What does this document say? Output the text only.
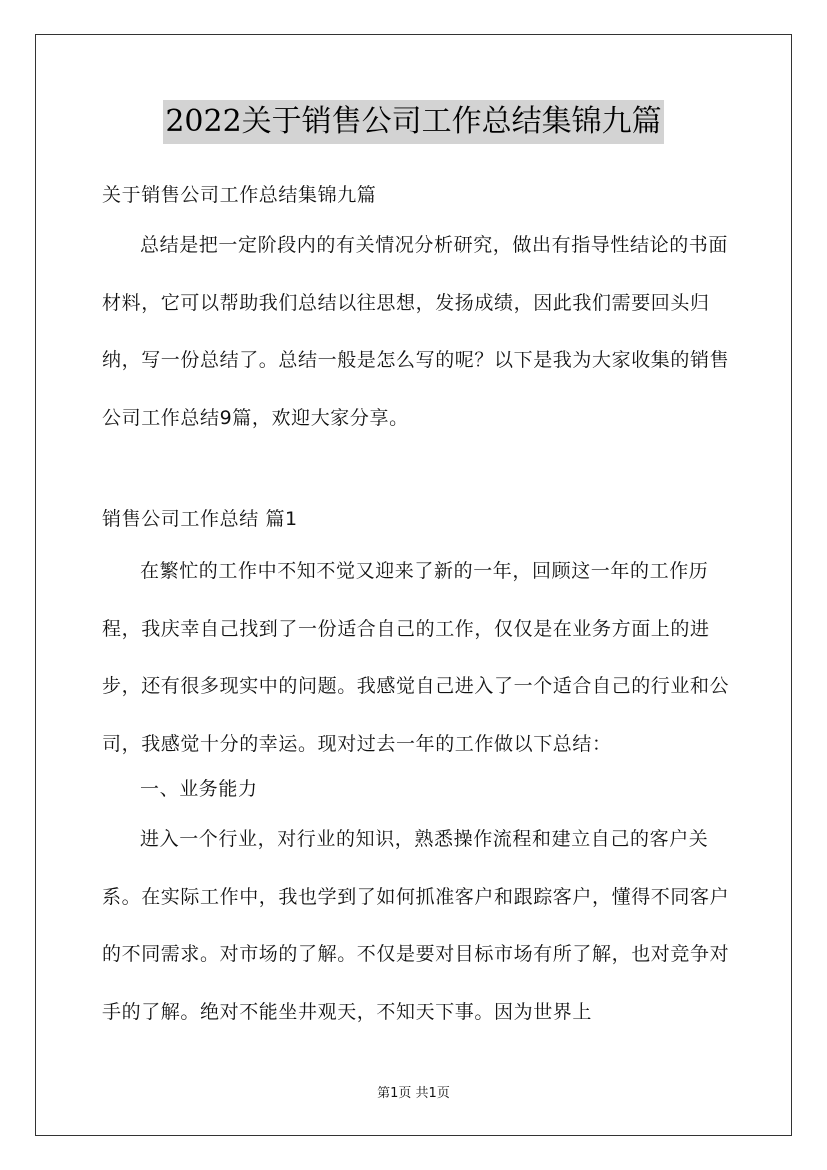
2022关于销售公司工作总结集锦九篇

关于销售公司工作总结集锦九篇

总结是把一定阶段内的有关情况分析研究，做出有指导性结论的书面材料，它可以帮助我们总结以往思想，发扬成绩，因此我们需要回头归纳，写一份总结了。总结一般是怎么写的呢？以下是我为大家收集的销售公司工作总结9篇，欢迎大家分享。

销售公司工作总结 篇1

在繁忙的工作中不知不觉又迎来了新的一年，回顾这一年的工作历程，我庆幸自己找到了一份适合自己的工作，仅仅是在业务方面上的进步，还有很多现实中的问题。我感觉自己进入了一个适合自己的行业和公司，我感觉十分的幸运。现对过去一年的工作做以下总结：

一、业务能力

进入一个行业，对行业的知识，熟悉操作流程和建立自己的客户关系。在实际工作中，我也学到了如何抓准客户和跟踪客户，懂得不同客户的不同需求。对市场的了解。不仅是要对目标市场有所了解，也对竞争对手的了解。绝对不能坐井观天，不知天下事。因为世界上

第1页 共1页
